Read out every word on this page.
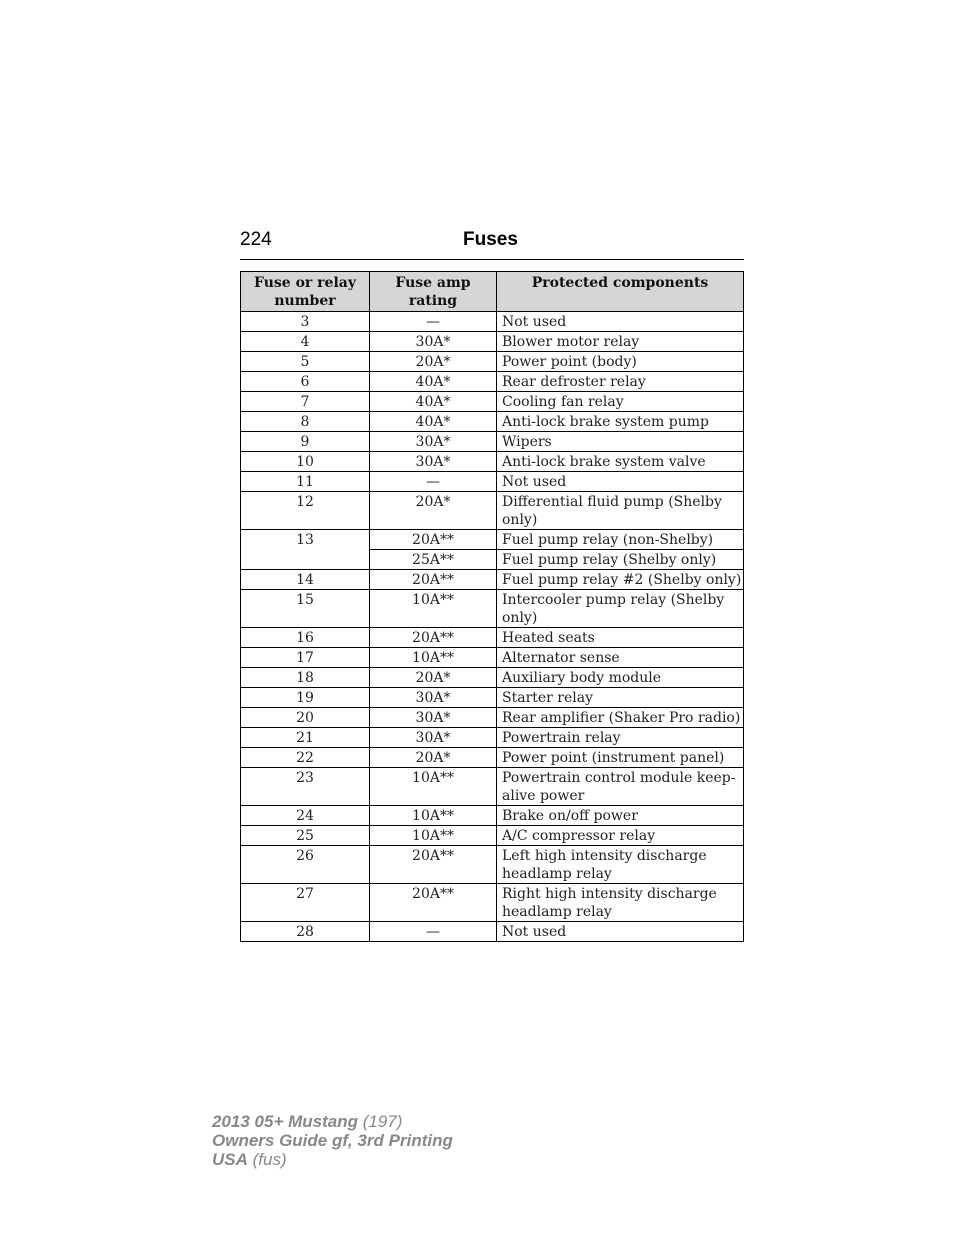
224	Fuses
Fuse or relay number	Fuse amp rating	Protected components
3	—	Not used
4	30A*	Blower motor relay
5	20A*	Power point (body)
6	40A*	Rear defroster relay
7	40A*	Cooling fan relay
8	40A*	Anti-lock brake system pump
9	30A*	Wipers
10	30A*	Anti-lock brake system valve
11	—	Not used
12	20A*	Differential fluid pump (Shelby only)
13	20A**	Fuel pump relay (non-Shelby)
	25A**	Fuel pump relay (Shelby only)
14	20A**	Fuel pump relay #2 (Shelby only)
15	10A**	Intercooler pump relay (Shelby only)
16	20A**	Heated seats
17	10A**	Alternator sense
18	20A*	Auxiliary body module
19	30A*	Starter relay
20	30A*	Rear amplifier (Shaker Pro radio)
21	30A*	Powertrain relay
22	20A*	Power point (instrument panel)
23	10A**	Powertrain control module keep-alive power
24	10A**	Brake on/off power
25	10A**	A/C compressor relay
26	20A**	Left high intensity discharge headlamp relay
27	20A**	Right high intensity discharge headlamp relay
28	—	Not used
2013 05+ Mustang (197)
Owners Guide gf, 3rd Printing
USA (fus)
